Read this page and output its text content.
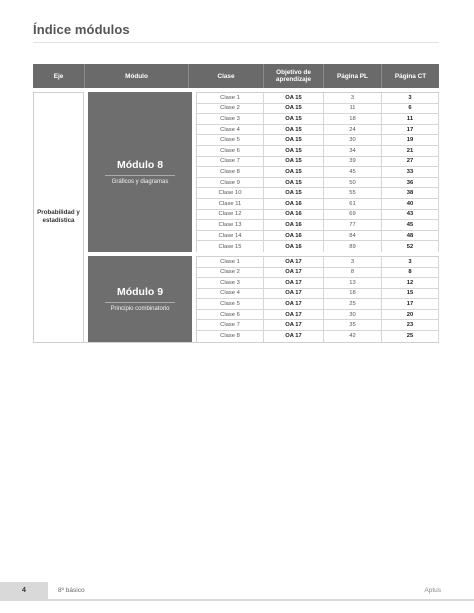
Índice módulos
Eje	Módulo	Clase	Objetivo de aprendizaje	Página PL	Página CT
Probabilidad y estadística
Módulo 8
Gráficos y diagramas
Clase 1	OA 15	3	3
Clase 2	OA 15	11	6
Clase 3	OA 15	18	11
Clase 4	OA 15	24	17
Clase 5	OA 15	30	19
Clase 6	OA 15	34	21
Clase 7	OA 15	39	27
Clase 8	OA 15	45	33
Clase 9	OA 15	50	36
Clase 10	OA 15	55	38
Clase 11	OA 16	61	40
Clase 12	OA 16	69	43
Clase 13	OA 16	77	45
Clase 14	OA 16	84	48
Clase 15	OA 16	89	52
Módulo 9
Principio combinatorio
Clase 1	OA 17	3	3
Clase 2	OA 17	8	8
Clase 3	OA 17	13	12
Clase 4	OA 17	18	15
Clase 5	OA 17	25	17
Clase 6	OA 17	30	20
Clase 7	OA 17	35	23
Clase 8	OA 17	42	25
4	8º básico	Aptus
